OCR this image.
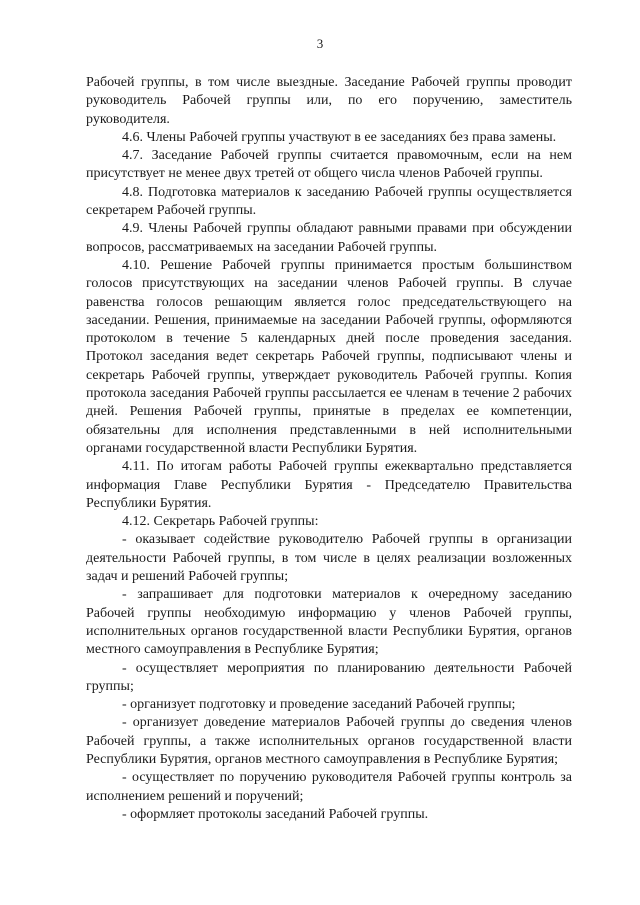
3

Рабочей группы, в том числе выездные. Заседание Рабочей группы проводит руководитель Рабочей группы или, по его поручению, заместитель руководителя.

4.6. Члены Рабочей группы участвуют в ее заседаниях без права замены.

4.7. Заседание Рабочей группы считается правомочным, если на нем присутствует не менее двух третей от общего числа членов Рабочей группы.

4.8. Подготовка материалов к заседанию Рабочей группы осуществляется секретарем Рабочей группы.

4.9. Члены Рабочей группы обладают равными правами при обсуждении вопросов, рассматриваемых на заседании Рабочей группы.

4.10. Решение Рабочей группы принимается простым большинством голосов присутствующих на заседании членов Рабочей группы. В случае равенства голосов решающим является голос председательствующего на заседании. Решения, принимаемые на заседании Рабочей группы, оформляются протоколом в течение 5 календарных дней после проведения заседания. Протокол заседания ведет секретарь Рабочей группы, подписывают члены и секретарь Рабочей группы, утверждает руководитель Рабочей группы. Копия протокола заседания Рабочей группы рассылается ее членам в течение 2 рабочих дней. Решения Рабочей группы, принятые в пределах ее компетенции, обязательны для исполнения представленными в ней исполнительными органами государственной власти Республики Бурятия.

4.11. По итогам работы Рабочей группы ежеквартально представляется информация Главе Республики Бурятия - Председателю Правительства Республики Бурятия.

4.12. Секретарь Рабочей группы:

- оказывает содействие руководителю Рабочей группы в организации деятельности Рабочей группы, в том числе в целях реализации возложенных задач и решений Рабочей группы;

- запрашивает для подготовки материалов к очередному заседанию Рабочей группы необходимую информацию у членов Рабочей группы, исполнительных органов государственной власти Республики Бурятия, органов местного самоуправления в Республике Бурятия;

- осуществляет мероприятия по планированию деятельности Рабочей группы;

- организует подготовку и проведение заседаний Рабочей группы;

- организует доведение материалов Рабочей группы до сведения членов Рабочей группы, а также исполнительных органов государственной власти Республики Бурятия, органов местного самоуправления в Республике Бурятия;

- осуществляет по поручению руководителя Рабочей группы контроль за исполнением решений и поручений;

- оформляет протоколы заседаний Рабочей группы.
